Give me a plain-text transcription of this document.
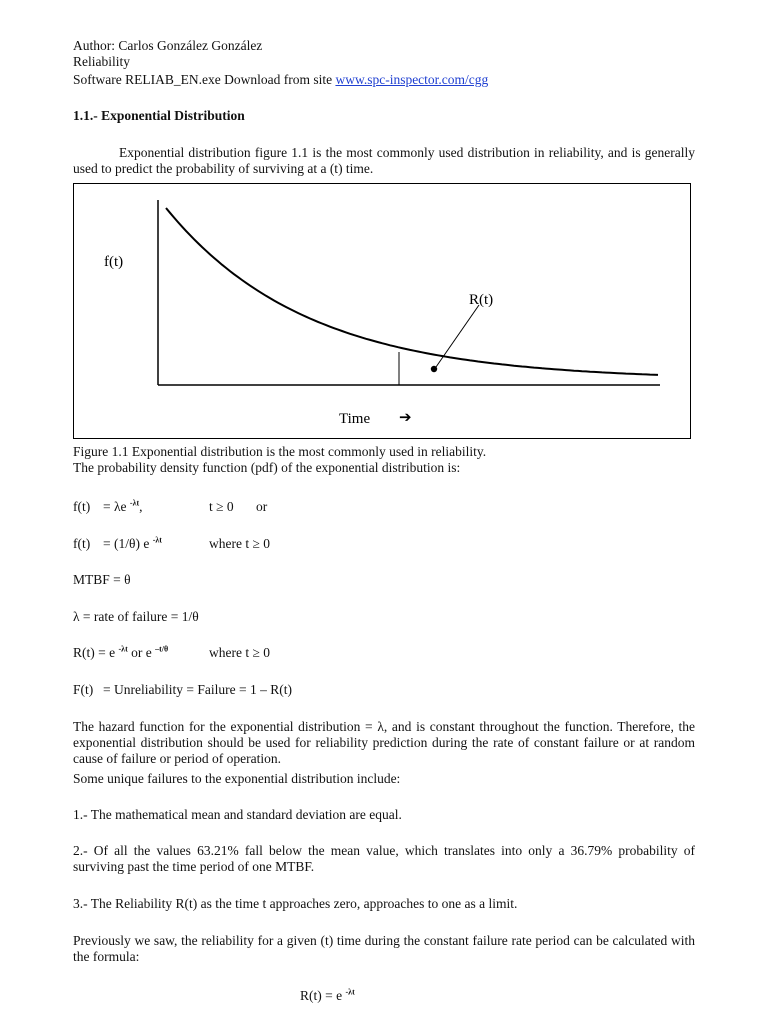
Author: Carlos González González
Reliability
Software RELIAB_EN.exe Download from site www.spc-inspector.com/cgg
1.1.- Exponential Distribution
Exponential distribution figure 1.1 is the most commonly used distribution in reliability, and is generally used to predict the probability of surviving at a (t) time.
f(t)
R(t)
Time ➔
Figure 1.1 Exponential distribution is the most commonly used in reliability.
The probability density function (pdf) of the exponential distribution is:
f(t) = λe $^{-\lambda t}$,	t ≥ 0 or
f(t) = (1/θ) e $^{-\lambda t}$	where t ≥ 0
MTBF = θ
λ = rate of failure = 1/θ
R(t) = e $^{-\lambda t}$ or e $^{-t/\theta}$	where t ≥ 0
F(t) = Unreliability = Failure = 1 – R(t)
The hazard function for the exponential distribution = λ, and is constant throughout the function. Therefore, the exponential distribution should be used for reliability prediction during the rate of constant failure or at random cause of failure or period of operation.
Some unique failures to the exponential distribution include:
1.- The mathematical mean and standard deviation are equal.
2.- Of all the values 63.21% fall below the mean value, which translates into only a 36.79% probability of surviving past the time period of one MTBF.
3.- The Reliability R(t) as the time t approaches zero, approaches to one as a limit.
Previously we saw, the reliability for a given (t) time during the constant failure rate period can be calculated with the formula:
R(t) = e $^{-\lambda t}$
